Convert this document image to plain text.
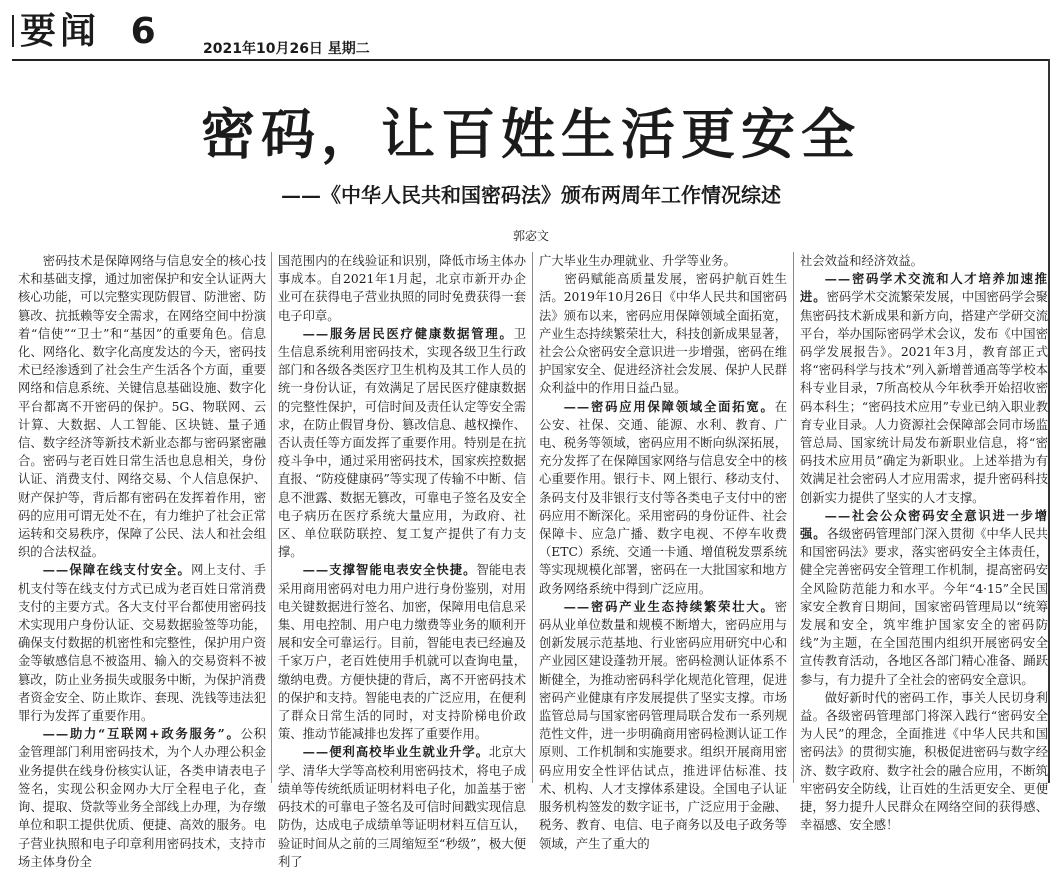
要闻 6	2021年10月26日 星期二
密码，让百姓生活更安全
——《中华人民共和国密码法》颁布两周年工作情况综述
郭宓文

密码技术是保障网络与信息安全的核心技术和基础支撑，通过加密保护和安全认证两大核心功能，可以完整实现防假冒、防泄密、防篡改、抗抵赖等安全需求，在网络空间中扮演着“信使”“卫士”和“基因”的重要角色。信息化、网络化、数字化高度发达的今天，密码技术已经渗透到了社会生产生活各个方面，重要网络和信息系统、关键信息基础设施、数字化平台都离不开密码的保护。5G、物联网、云计算、大数据、人工智能、区块链、量子通信、数字经济等新技术新业态都与密码紧密融合。密码与老百姓日常生活也息息相关，身份认证、消费支付、网络交易、个人信息保护、财产保护等，背后都有密码在发挥着作用，密码的应用可谓无处不在，有力维护了社会正常运转和交易秩序，保障了公民、法人和社会组织的合法权益。

——保障在线支付安全。网上支付、手机支付等在线支付方式已成为老百姓日常消费支付的主要方式。各大支付平台都使用密码技术实现用户身份认证、交易数据验签等功能，确保支付数据的机密性和完整性，保护用户资金等敏感信息不被盗用、输入的交易资料不被篡改，防止业务损失或服务中断，为保护消费者资金安全、防止欺诈、套现、洗钱等违法犯罪行为发挥了重要作用。

——助力“互联网+政务服务”。公积金管理部门利用密码技术，为个人办理公积金业务提供在线身份核实认证，各类申请表电子签名，实现公积金网办大厅全程电子化，查询、提取、贷款等业务全部线上办理，为存缴单位和职工提供优质、便捷、高效的服务。电子营业执照和电子印章利用密码技术，支持市场主体身份全

国范围内的在线验证和识别，降低市场主体办事成本。自2021年1月起，北京市新开办企业可在获得电子营业执照的同时免费获得一套电子印章。

——服务居民医疗健康数据管理。卫生信息系统利用密码技术，实现各级卫生行政部门和各级各类医疗卫生机构及其工作人员的统一身份认证，有效满足了居民医疗健康数据的完整性保护，可信时间及责任认定等安全需求，在防止假冒身份、篡改信息、越权操作、否认责任等方面发挥了重要作用。特别是在抗疫斗争中，通过采用密码技术，国家疾控数据直报、“防疫健康码”等实现了传输不中断、信息不泄露、数据无篡改，可靠电子签名及安全电子病历在医疗系统大量应用，为政府、社区、单位联防联控、复工复产提供了有力支撑。

——支撑智能电表安全快捷。智能电表采用商用密码对电力用户进行身份鉴别，对用电关键数据进行签名、加密，保障用电信息采集、用电控制、用户电力缴费等业务的顺利开展和安全可靠运行。目前，智能电表已经遍及千家万户，老百姓使用手机就可以查询电量，缴纳电费。方便快捷的背后，离不开密码技术的保护和支持。智能电表的广泛应用，在便利了群众日常生活的同时，对支持阶梯电价政策、推动节能减排也发挥了重要作用。

——便利高校毕业生就业升学。北京大学、清华大学等高校利用密码技术，将电子成绩单等传统纸质证明材料电子化，加盖基于密码技术的可靠电子签名及可信时间戳实现信息防伪，达成电子成绩单等证明材料互信互认，验证时间从之前的三周缩短至“秒级”，极大便利了

广大毕业生办理就业、升学等业务。

密码赋能高质量发展，密码护航百姓生活。2019年10月26日《中华人民共和国密码法》颁布以来，密码应用保障领域全面拓宽，产业生态持续繁荣壮大，科技创新成果显著，社会公众密码安全意识进一步增强，密码在维护国家安全、促进经济社会发展、保护人民群众利益中的作用日益凸显。

——密码应用保障领域全面拓宽。在公安、社保、交通、能源、水利、教育、广电、税务等领域，密码应用不断向纵深拓展，充分发挥了在保障国家网络与信息安全中的核心重要作用。银行卡、网上银行、移动支付、条码支付及非银行支付等各类电子支付中的密码应用不断深化。采用密码的身份证件、社会保障卡、应急广播、数字电视、不停车收费（ETC）系统、交通一卡通、增值税发票系统等实现规模化部署，密码在一大批国家和地方政务网络系统中得到广泛应用。

——密码产业生态持续繁荣壮大。密码从业单位数量和规模不断增大，密码应用与创新发展示范基地、行业密码应用研究中心和产业园区建设蓬勃开展。密码检测认证体系不断健全，为推动密码科学化规范化管理，促进密码产业健康有序发展提供了坚实支撑。市场监管总局与国家密码管理局联合发布一系列规范性文件，进一步明确商用密码检测认证工作原则、工作机制和实施要求。组织开展商用密码应用安全性评估试点，推进评估标准、技术、机构、人才支撑体系建设。全国电子认证服务机构签发的数字证书，广泛应用于金融、税务、教育、电信、电子商务以及电子政务等领域，产生了重大的

社会效益和经济效益。

——密码学术交流和人才培养加速推进。密码学术交流繁荣发展，中国密码学会聚焦密码技术新成果和新方向，搭建产学研交流平台，举办国际密码学术会议，发布《中国密码学发展报告》。2021年3月，教育部正式将“密码科学与技术”列入新增普通高等学校本科专业目录，7所高校从今年秋季开始招收密码本科生；“密码技术应用”专业已纳入职业教育专业目录。人力资源社会保障部会同市场监管总局、国家统计局发布新职业信息，将“密码技术应用员”确定为新职业。上述举措为有效满足社会密码人才应用需求，提升密码科技创新实力提供了坚实的人才支撑。

——社会公众密码安全意识进一步增强。各级密码管理部门深入贯彻《中华人民共和国密码法》要求，落实密码安全主体责任，健全完善密码安全管理工作机制，提高密码安全风险防范能力和水平。今年“4·15”全民国家安全教育日期间，国家密码管理局以“统筹发展和安全，筑牢维护国家安全的密码防线”为主题，在全国范围内组织开展密码安全宣传教育活动，各地区各部门精心准备、踊跃参与，有力提升了全社会的密码安全意识。

做好新时代的密码工作，事关人民切身利益。各级密码管理部门将深入践行“密码安全为人民”的理念，全面推进《中华人民共和国密码法》的贯彻实施，积极促进密码与数字经济、数字政府、数字社会的融合应用，不断筑牢密码安全防线，让百姓的生活更安全、更便捷，努力提升人民群众在网络空间的获得感、幸福感、安全感！
